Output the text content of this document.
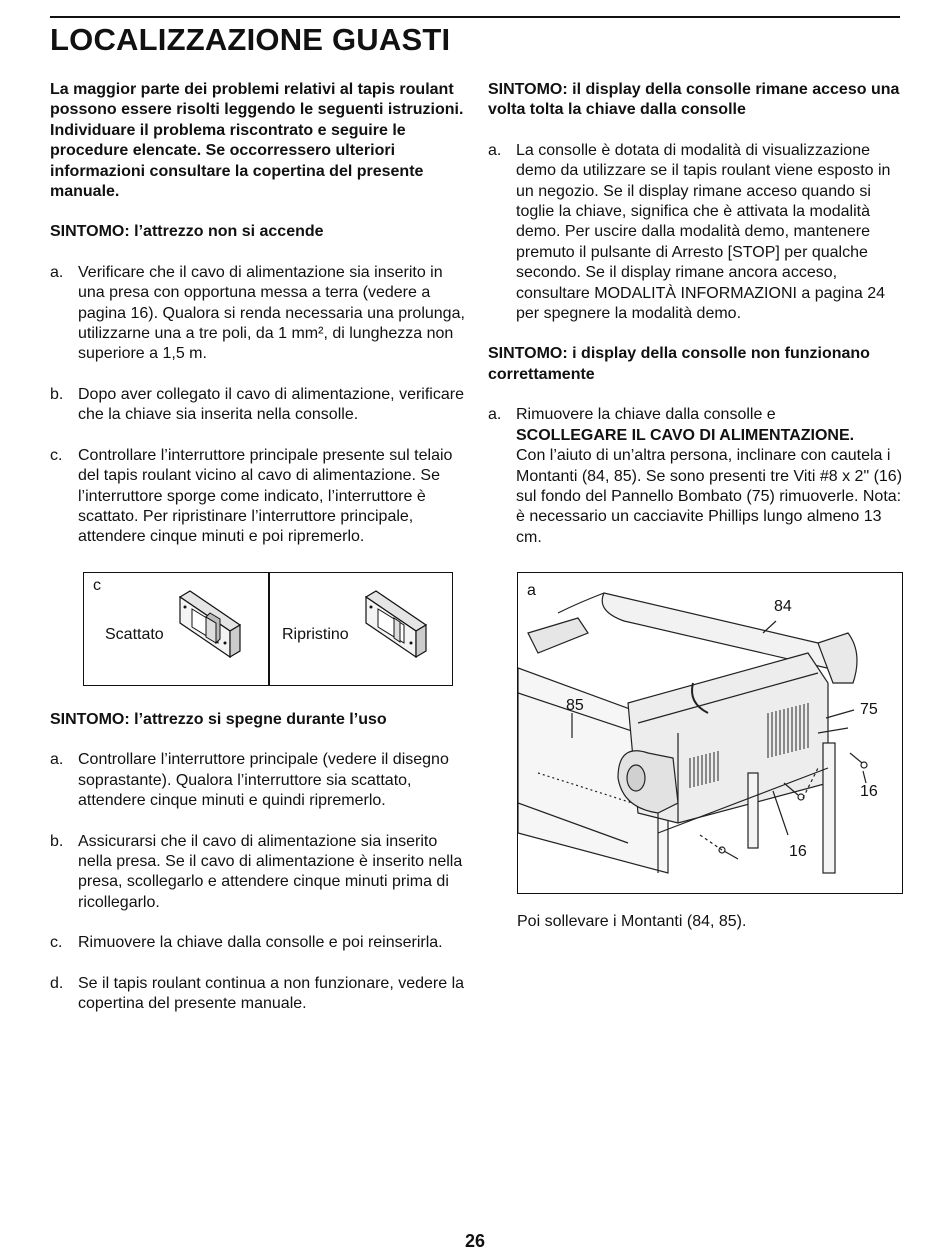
LOCALIZZAZIONE GUASTI

La maggior parte dei problemi relativi al tapis roulant possono essere risolti leggendo le seguenti istruzioni. Individuare il problema riscontrato e seguire le procedure elencate. Se occorressero ulteriori informazioni consultare la copertina del presente manuale.

SINTOMO: l’attrezzo non si accende

a. Verificare che il cavo di alimentazione sia inserito in una presa con opportuna messa a terra (vedere a pagina 16). Qualora si renda necessaria una prolunga, utilizzarne una a tre poli, da 1 mm², di lunghezza non superiore a 1,5 m.
b. Dopo aver collegato il cavo di alimentazione, verificare che la chiave sia inserita nella consolle.
c. Controllare l’interruttore principale presente sul telaio del tapis roulant vicino al cavo di alimentazione. Se l’interruttore sporge come indicato, l’interruttore è scattato. Per ripristinare l’interruttore principale, attendere cinque minuti e poi ripremerlo.
c
Scattato	Ripristino

SINTOMO: l’attrezzo si spegne durante l’uso

a. Controllare l’interruttore principale (vedere il disegno soprastante). Qualora l’interruttore sia scattato, attendere cinque minuti e quindi ripremerlo.
b. Assicurarsi che il cavo di alimentazione sia inserito nella presa. Se il cavo di alimentazione è inserito nella presa, scollegarlo e attendere cinque minuti prima di ricollegarlo.
c. Rimuovere la chiave dalla consolle e poi reinserirla.
d. Se il tapis roulant continua a non funzionare, vedere la copertina del presente manuale.

SINTOMO: il display della consolle rimane acceso una volta tolta la chiave dalla consolle

a. La consolle è dotata di modalità di visualizzazione demo da utilizzare se il tapis roulant viene esposto in un negozio. Se il display rimane acceso quando si toglie la chiave, significa che è attivata la modalità demo. Per uscire dalla modalità demo, mantenere premuto il pulsante di Arresto [STOP] per qualche secondo. Se il display rimane ancora acceso, consultare MODALITÀ INFORMAZIONI a pagina 24 per spegnere la modalità demo.

SINTOMO: i display della consolle non funzionano correttamente

a. Rimuovere la chiave dalla consolle e
SCOLLEGARE IL CAVO DI ALIMENTAZIONE.
Con l’aiuto di un’altra persona, inclinare con cautela i Montanti (84, 85). Se sono presenti tre Viti #8 x 2" (16) sul fondo del Pannello Bombato (75) rimuoverle. Nota: è necessario un cacciavite Phillips lungo almeno 13 cm.
a
84
85	75
16
16
Poi sollevare i Montanti (84, 85).
26
